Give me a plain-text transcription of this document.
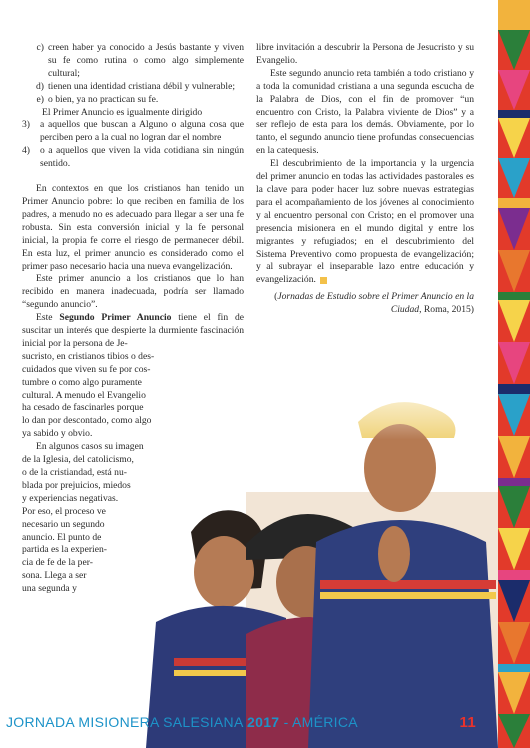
c) creen haber ya conocido a Jesús bastante y viven su fe como rutina o como algo simplemente cultural;
d) tienen una identidad cristiana débil y vulnerable;
e) o bien, ya no practican su fe.

El Primer Anuncio es igualmente dirigido

3)	a aquellos que buscan a Alguno o alguna cosa que perciben pero a la cual no logran dar el nombre
4)	o a aquellos que viven la vida cotidiana sin ningún sentido.

En contextos en que los cristianos han tenido un Primer Anuncio pobre: lo que reciben en familia de los padres, a menudo no es adecuado para llegar a ser una fe robusta. Sin esta conversión inicial y la fe personal inicial, la propia fe corre el riesgo de permanecer débil. En esta luz, el primer anuncio es considerado como el primer paso necesario hacia una nueva evangelización.

Este primer anuncio a los cristianos que lo han recibido en manera inadecuada, podría ser llamado “segundo anuncio”.

Este Segundo Primer Anuncio tiene el fin de suscitar un interés que despierte la durmiente fascinación inicial por la persona de Je-

sucristo, en cristianos tibios o des-

cuidados que viven su fe por cos-

tumbre o como algo puramente

cultural. A menudo el Evangelio

ha cesado de fascinarles porque

lo dan por descontado, como algo

ya sabido y obvio.

En algunos casos su imagen

de la Iglesia, del catolicismo,

o de la cristiandad, está nu-

blada por prejuicios, miedos

y experiencias negativas.

Por eso, el proceso ve

necesario un segundo

anuncio. El punto de

partida es la experien-

cia de fe de la per-

sona. Llega a ser

una segunda y

libre invitación a descubrir la Persona de Jesucristo y su Evangelio.

Este segundo anuncio reta también a todo cristiano y a toda la comunidad cristiana a una segunda escucha de la Palabra de Dios, con el fin de promover “un encuentro con Cristo, la Palabra viviente de Dios” y a ser reflejo de esta para los demás. Obviamente, por lo tanto, el segundo anuncio tiene profundas consecuencias en la catequesis.

El descubrimiento de la importancia y la urgencia del primer anuncio en todas las actividades pastorales es la clave para poder hacer luz sobre nuevas estrategias para el acompañamiento de los jóvenes al conocimiento y al encuentro personal con Cristo; en el promover una presencia misionera en el mundo digital y entre los migrantes y refugiados; en el descubrimiento del Sistema Preventivo como propuesta de evangelización; y al subrayar el inseparable lazo entre educación y evangelización.

(Jornadas de Estudio sobre el Primer Anuncio en la Ciudad, Roma, 2015)

JORNADA MISIONERA SALESIANA 2017 - AMÉRICA	11
